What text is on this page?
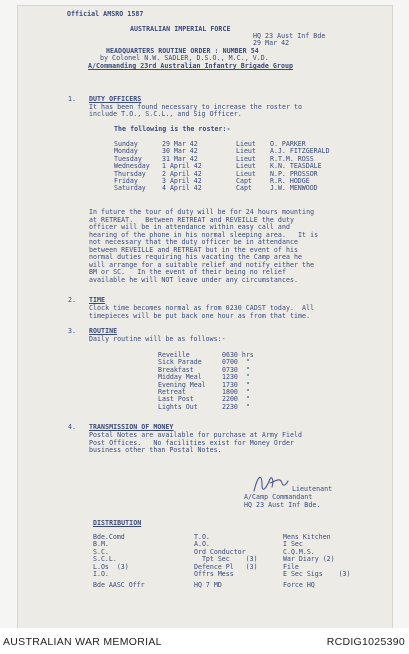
Official AMSRO 1587
AUSTRALIAN IMPERIAL FORCE
HQ 23 Aust Inf Bde
29 Mar 42
HEADQUARTERS ROUTINE ORDER : NUMBER 54
by Colonel N.W. SADLER, D.S.O., M.C., V.D.
A/Commanding 23rd Australian Infantry Brigade Group
1. DUTY OFFICERS
It has been found necessary to increase the roster to
include T.O., S.C.L., and Sig Officer.
The following is the roster:-
Sunday	29 Mar 42	Lieut O. PARKER
Monday	30 Mar 42	Lieut A.J. FITZGERALD
Tuesday	31 Mar 42	Lieut R.T.M. ROSS
Wednesday 1 April 42	Lieut K.N. TEASDALE
Thursday 2 April 42	Lieut N.P. PROSSOR
Friday	3 April 42	Capt	R.R. HODGE
Saturday 4 April 42	Capt	J.W. MENWOOD
In future the tour of duty will be for 24 hours mounting
at RETREAT.   Between RETREAT and REVEILLE the duty
officer will be in attendance within easy call and
hearing of the phone in his normal sleeping area.   It is
not necessary that the duty officer be in attendance
between REVEILLE and RETREAT but in the event of his
normal duties requiring his vacating the Camp area he
will arrange for a suitable relief and notify either the
BM or SC.   In the event of their being no relief
available he will NOT leave under any circumstances.
2. TIME
Clock time becomes normal as from 0230 CADST today.  All
timepieces will be put back one hour as from that time.
3. ROUTINE
Daily routine will be as follows:-
Reveille	0630 hrs
Sick Parade	0700  "
Breakfast	0730  "
Midday Meal	1230  "
Evening Meal 1730  "
Retreat	1800  "
Last Post	2200  "
Lights Out	2230  "
4. TRANSMISSION OF MONEY
Postal Notes are available for purchase at Army Field
Post Offices.   No facilities exist for Money Order
business other than Postal Notes.
Lieutenant
A/Camp Commandant
HQ 23 Aust Inf Bde.
DISTRIBUTION
Bde.Comd
B.M.
S.C.
S.C.L.
L.Os  (3)
I.O.
Bde AASC Offr
T.O.
A.O.
Ord Conductor
Tpt Sec    (3)
Defence Pl   (3)
Offrs Mess
HQ 7 MD
Mens Kitchen
I Sec
C.Q.M.S.
War Diary (2)
File
E Sec Sigs    (3)
Force HQ
AUSTRALIAN WAR MEMORIAL	RCDIG1025390
